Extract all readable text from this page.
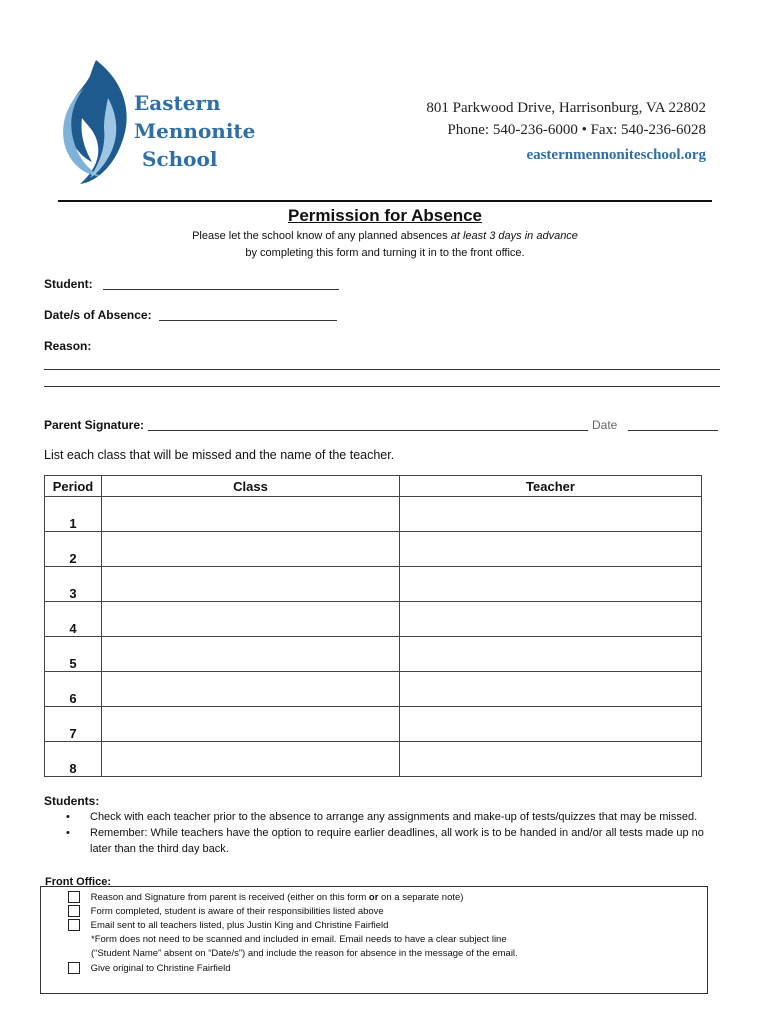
Eastern
Mennonite
School
801 Parkwood Drive, Harrisonburg, VA 22802
Phone: 540-236-6000 • Fax: 540-236-6028
easternmennoniteschool.org
Permission for Absence
Please let the school know of any planned absences at least 3 days in advance
by completing this form and turning it in to the front office.
Student:
Date/s of Absence:
Reason:
Parent Signature:	Date
List each class that will be missed and the name of the teacher.
Period	Class	Teacher
1		
2		
3		
4		
5		
6		
7		
8		
Students:
• Check with each teacher prior to the absence to arrange any assignments and make-up of tests/quizzes that may be missed.
• Remember: While teachers have the option to require earlier deadlines, all work is to be handed in and/or all tests made up no later than the third day back.
Front Office:
Reason and Signature from parent is received (either on this form or on a separate note)
Form completed, student is aware of their responsibilities listed above
Email sent to all teachers listed, plus Justin King and Christine Fairfield
*Form does not need to be scanned and included in email. Email needs to have a clear subject line
(“Student Name” absent on “Date/s”) and include the reason for absence in the message of the email.
Give original to Christine Fairfield
